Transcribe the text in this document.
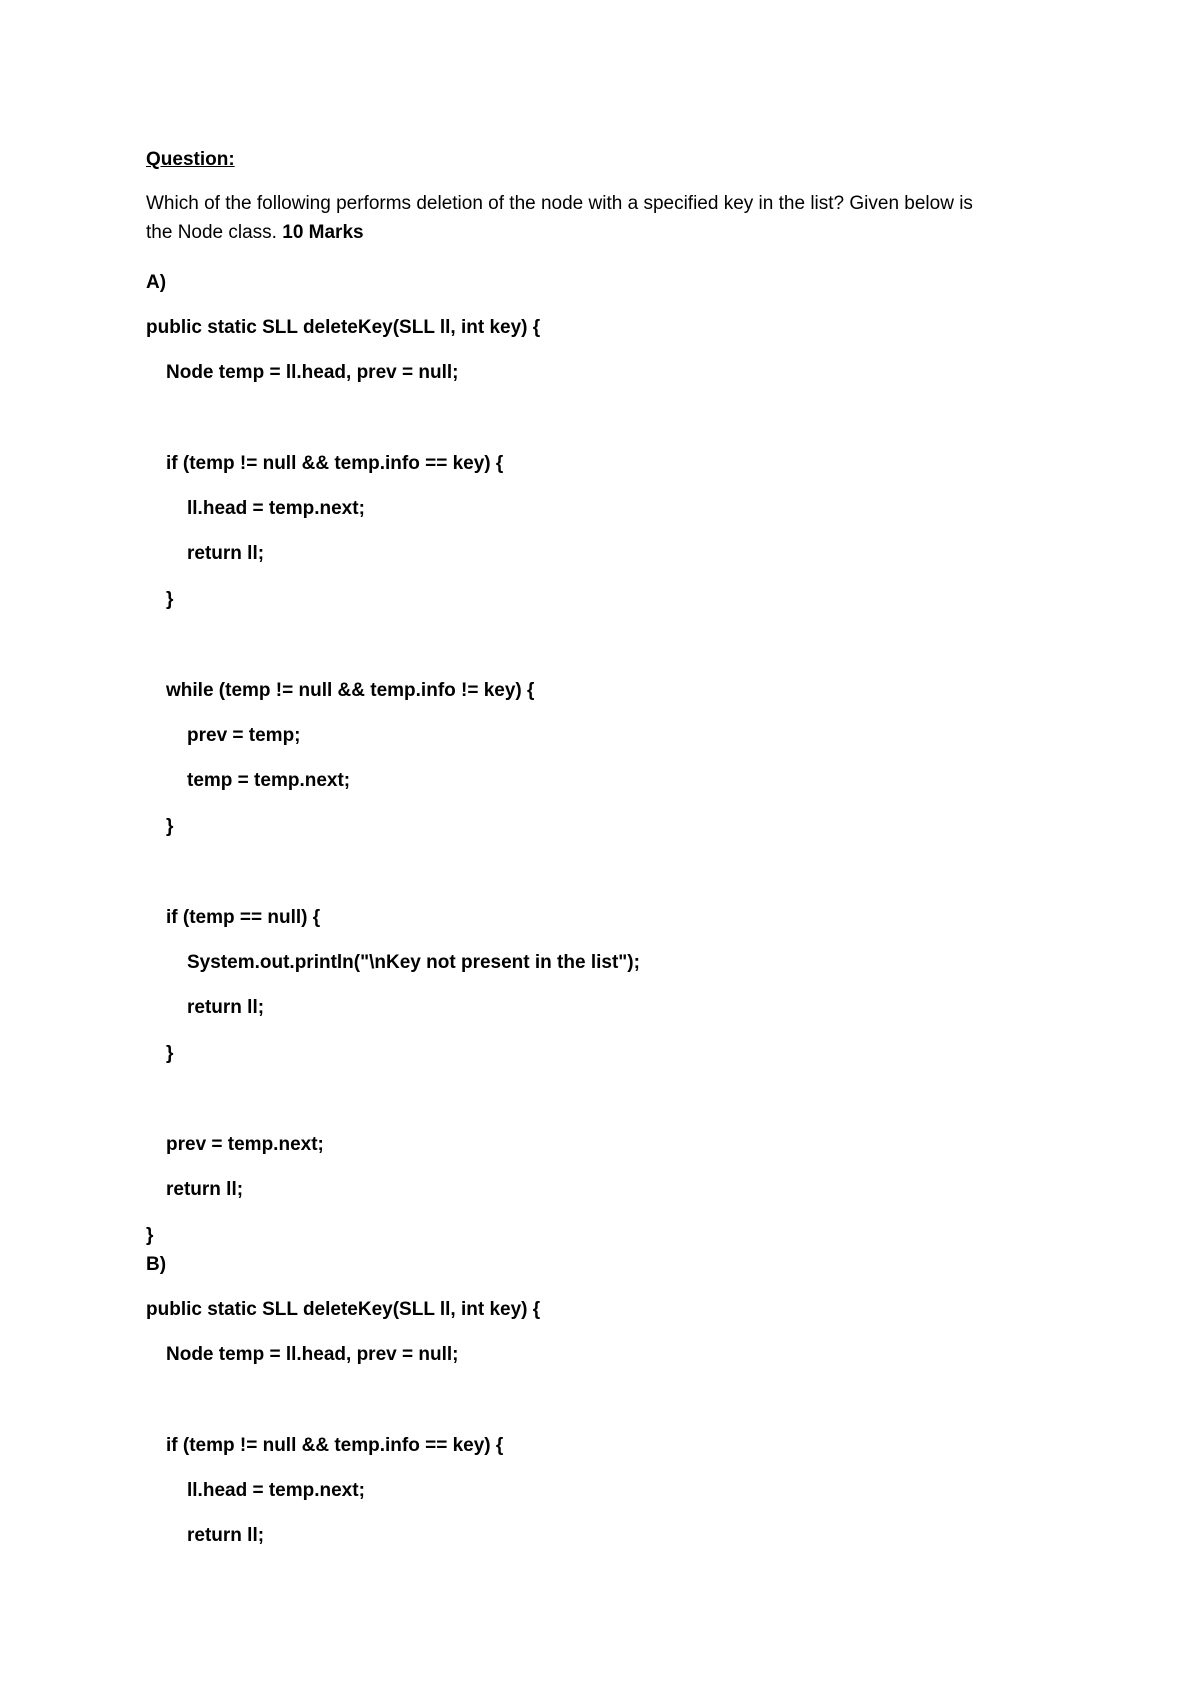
Question:
Which of the following performs deletion of the node with a specified key in the list? Given below is
the Node class. 10 Marks
A)
public static SLL deleteKey(SLL ll, int key) {
Node temp = ll.head, prev = null;
if (temp != null && temp.info == key) {
ll.head = temp.next;
return ll;
}
while (temp != null && temp.info != key) {
prev = temp;
temp = temp.next;
}
if (temp == null) {
System.out.println("\nKey not present in the list");
return ll;
}
prev = temp.next;
return ll;
}
B)
public static SLL deleteKey(SLL ll, int key) {
Node temp = ll.head, prev = null;
if (temp != null && temp.info == key) {
ll.head = temp.next;
return ll;
